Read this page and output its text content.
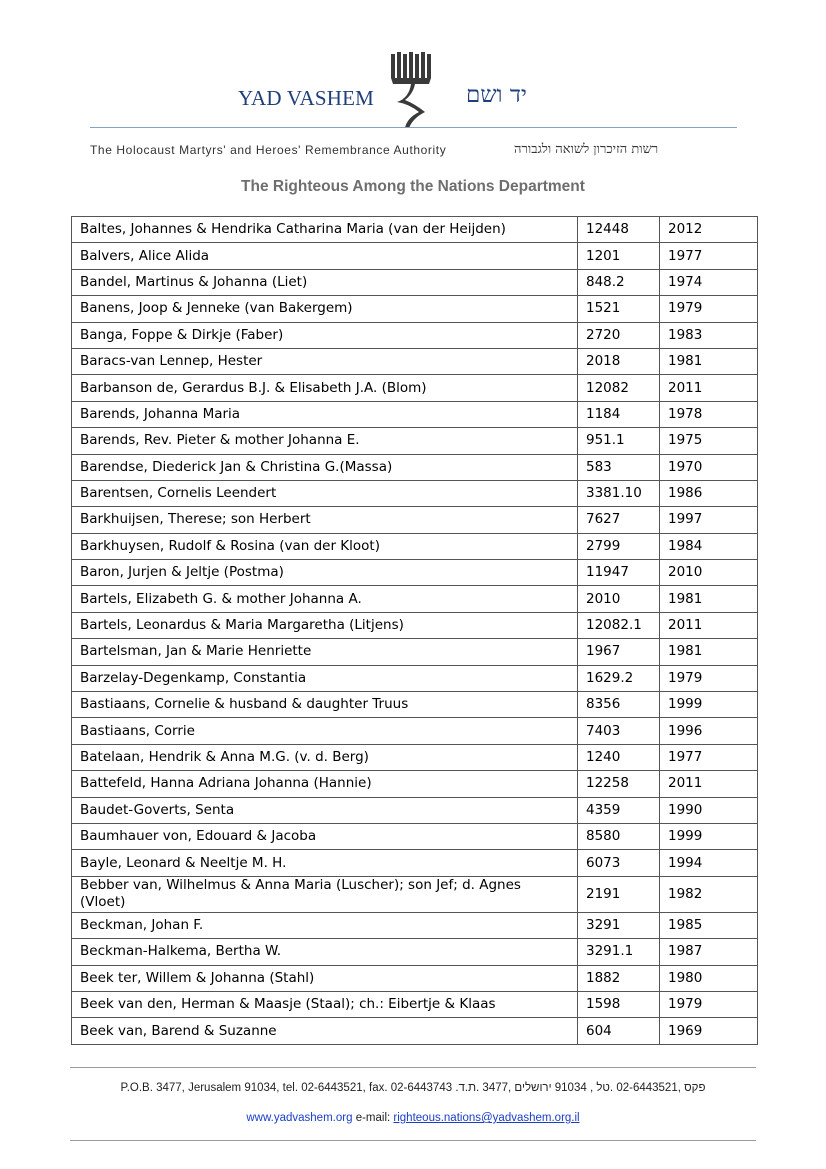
YAD VASHEM	יד ושם
The Holocaust Martyrs' and Heroes' Remembrance Authority	רשות הזיכרון לשואה ולגבורה
The Righteous Among the Nations Department
Baltes, Johannes & Hendrika Catharina Maria (van der Heijden)	12448	2012
Balvers, Alice Alida	1201	1977
Bandel, Martinus & Johanna (Liet)	848.2	1974
Banens, Joop & Jenneke (van Bakergem)	1521	1979
Banga, Foppe & Dirkje (Faber)	2720	1983
Baracs-van Lennep, Hester	2018	1981
Barbanson de, Gerardus B.J. & Elisabeth J.A. (Blom)	12082	2011
Barends, Johanna Maria	1184	1978
Barends, Rev. Pieter & mother Johanna E.	951.1	1975
Barendse, Diederick Jan & Christina G.(Massa)	583	1970
Barentsen, Cornelis Leendert	3381.10	1986
Barkhuijsen, Therese; son Herbert	7627	1997
Barkhuysen, Rudolf & Rosina (van der Kloot)	2799	1984
Baron, Jurjen & Jeltje (Postma)	11947	2010
Bartels, Elizabeth G. & mother Johanna A.	2010	1981
Bartels, Leonardus & Maria Margaretha (Litjens)	12082.1	2011
Bartelsman, Jan & Marie Henriette	1967	1981
Barzelay-Degenkamp, Constantia	1629.2	1979
Bastiaans, Cornelie & husband & daughter Truus	8356	1999
Bastiaans, Corrie	7403	1996
Batelaan, Hendrik & Anna M.G. (v. d. Berg)	1240	1977
Battefeld, Hanna Adriana Johanna (Hannie)	12258	2011
Baudet-Goverts, Senta	4359	1990
Baumhauer von, Edouard & Jacoba	8580	1999
Bayle, Leonard & Neeltje M. H.	6073	1994
Bebber van, Wilhelmus & Anna Maria (Luscher); son Jef; d. Agnes (Vloet)	2191	1982
Beckman, Johan F.	3291	1985
Beckman-Halkema, Bertha W.	3291.1	1987
Beek ter, Willem & Johanna (Stahl)	1882	1980
Beek van den, Herman & Maasje (Staal); ch.: Eibertje & Klaas	1598	1979
Beek van, Barend & Suzanne	604	1969
P.O.B. 3477, Jerusalem 91034, tel. 02-6443521, fax. 02-6443743 .פקס ,02-6443521 .טל , 91034 ירושלים ,3477 .ת.ד
www.yadvashem.org e-mail: righteous.nations@yadvashem.org.il
